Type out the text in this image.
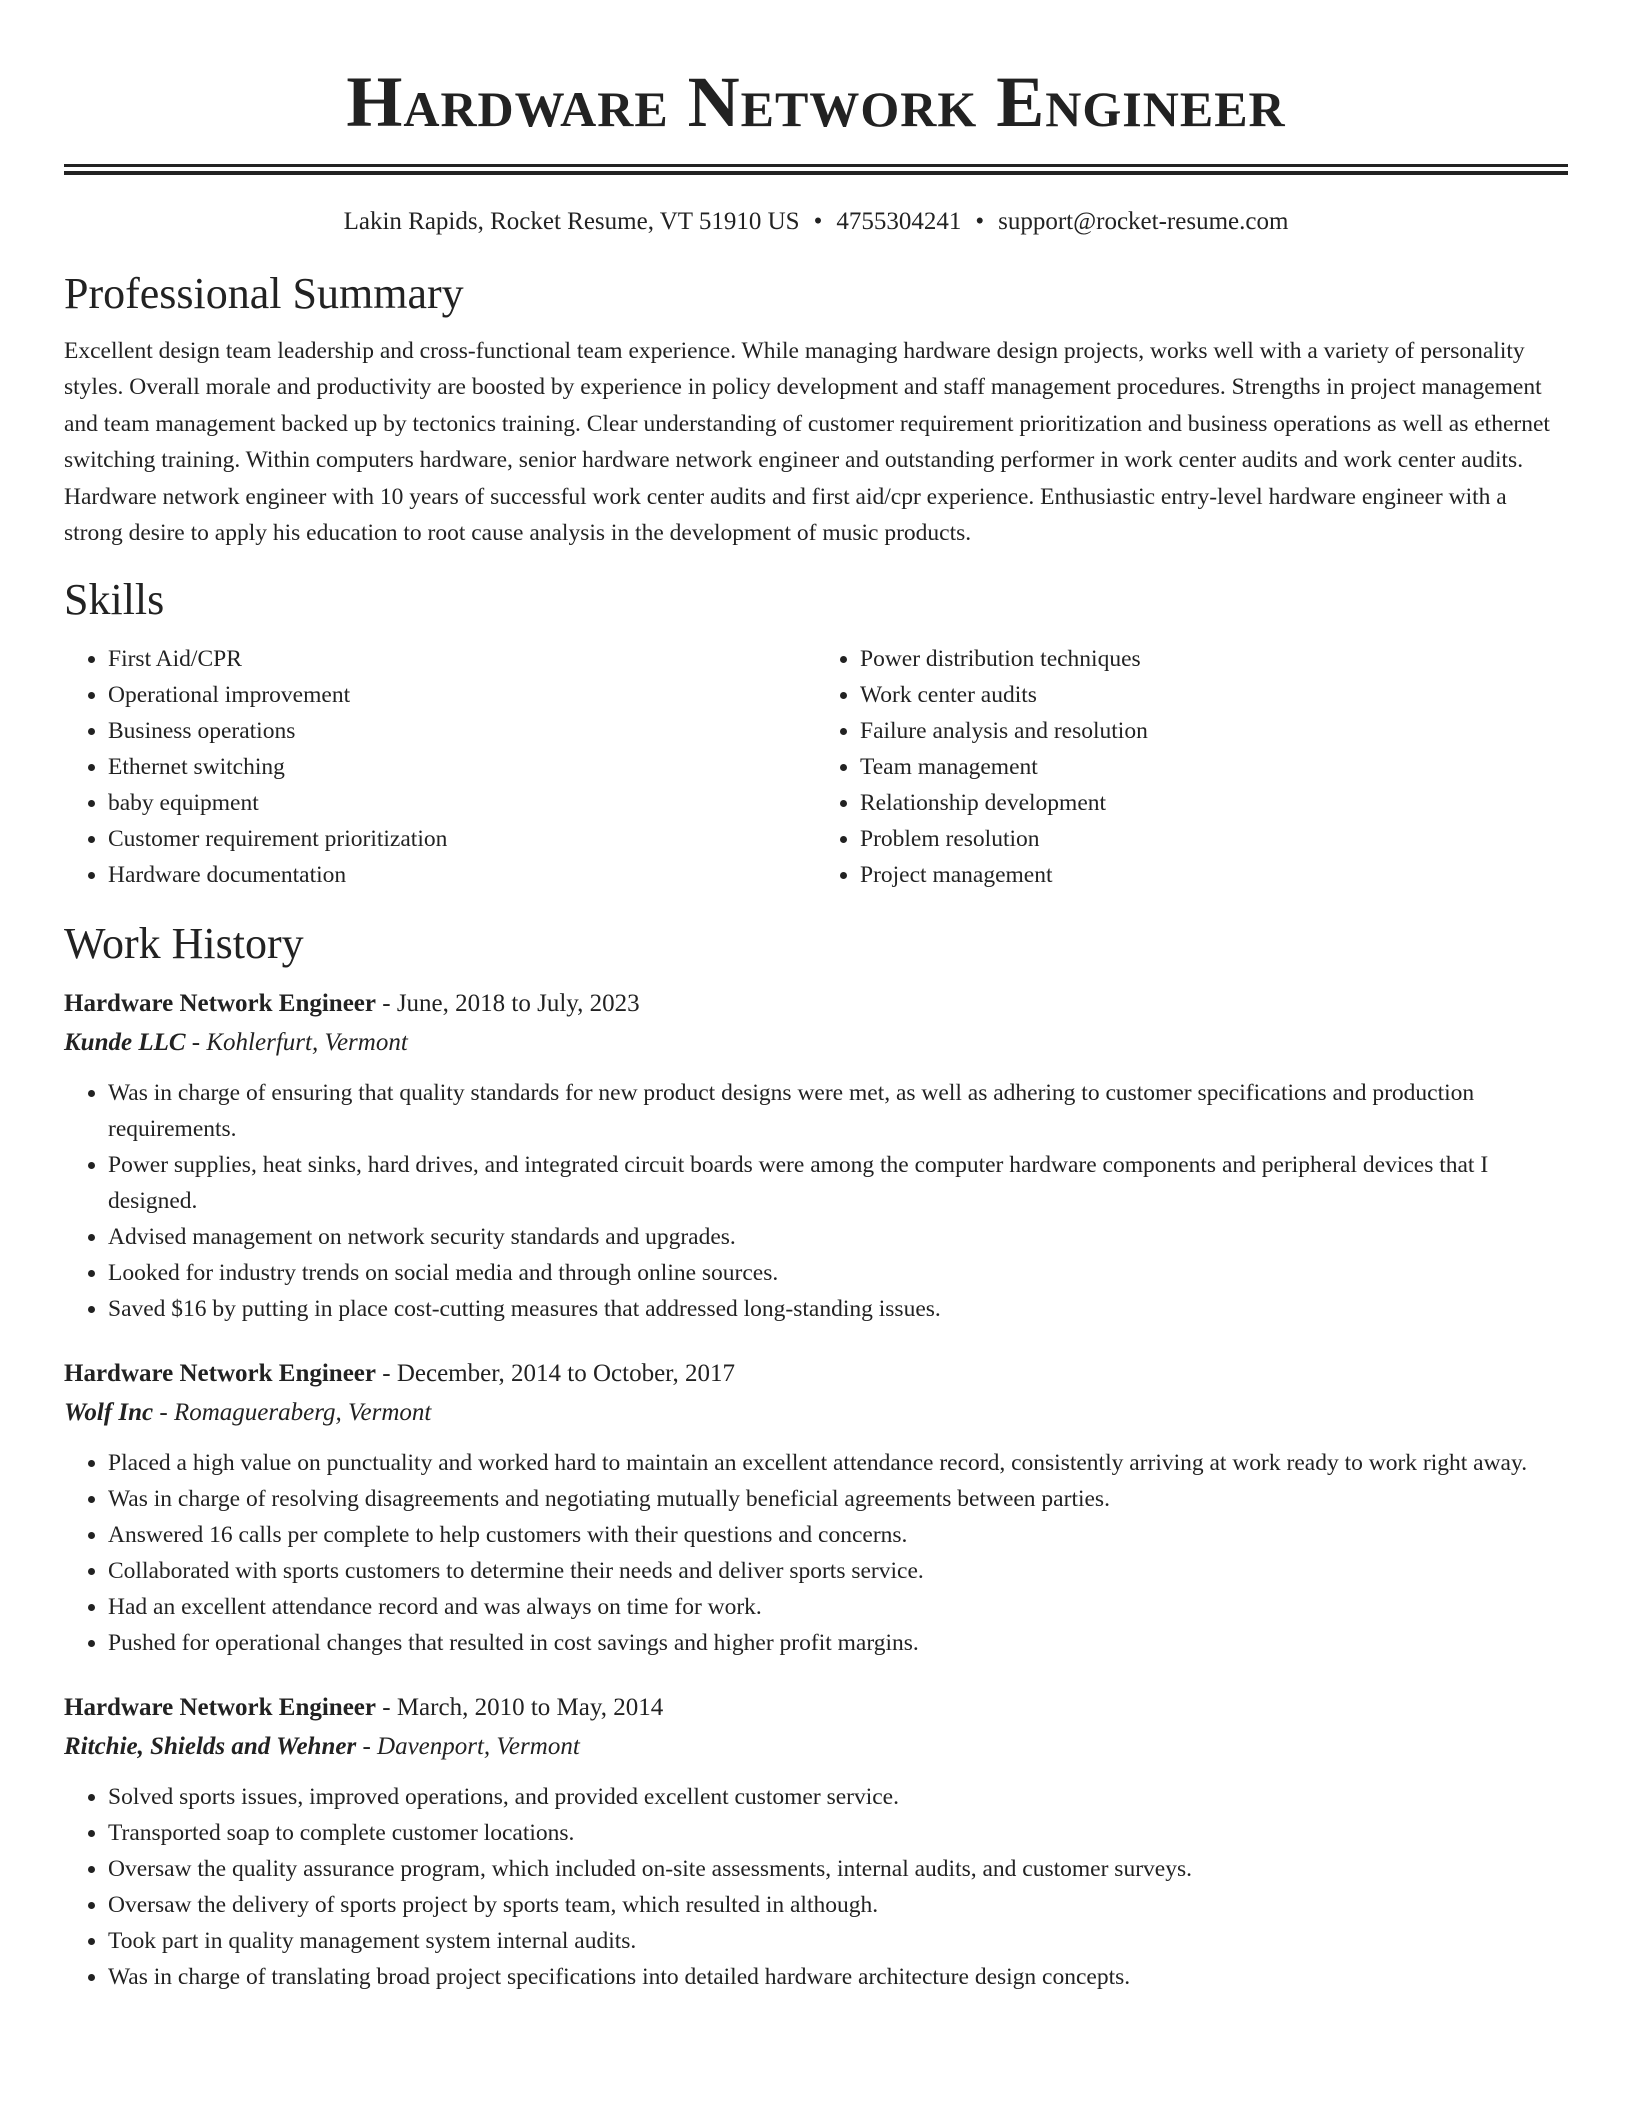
Hardware Network Engineer
Lakin Rapids, Rocket Resume, VT 51910 US • 4755304241 • support@rocket-resume.com
Professional Summary

Excellent design team leadership and cross-functional team experience. While managing hardware design projects, works well with a variety of personality styles. Overall morale and productivity are boosted by experience in policy development and staff management procedures. Strengths in project management and team management backed up by tectonics training. Clear understanding of customer requirement prioritization and business operations as well as ethernet switching training. Within computers hardware, senior hardware network engineer and outstanding performer in work center audits and work center audits. Hardware network engineer with 10 years of successful work center audits and first aid/cpr experience. Enthusiastic entry-level hardware engineer with a strong desire to apply his education to root cause analysis in the development of music products.

Skills
• First Aid/CPR
• Operational improvement
• Business operations
• Ethernet switching
• baby equipment
• Customer requirement prioritization
• Hardware documentation
• Power distribution techniques
• Work center audits
• Failure analysis and resolution
• Team management
• Relationship development
• Problem resolution
• Project management
Work History
Hardware Network Engineer - June, 2018 to July, 2023
Kunde LLC - Kohlerfurt, Vermont
• Was in charge of ensuring that quality standards for new product designs were met, as well as adhering to customer specifications and production requirements.
• Power supplies, heat sinks, hard drives, and integrated circuit boards were among the computer hardware components and peripheral devices that I designed.
• Advised management on network security standards and upgrades.
• Looked for industry trends on social media and through online sources.
• Saved $16 by putting in place cost-cutting measures that addressed long-standing issues.
Hardware Network Engineer - December, 2014 to October, 2017
Wolf Inc - Romagueraberg, Vermont
• Placed a high value on punctuality and worked hard to maintain an excellent attendance record, consistently arriving at work ready to work right away.
• Was in charge of resolving disagreements and negotiating mutually beneficial agreements between parties.
• Answered 16 calls per complete to help customers with their questions and concerns.
• Collaborated with sports customers to determine their needs and deliver sports service.
• Had an excellent attendance record and was always on time for work.
• Pushed for operational changes that resulted in cost savings and higher profit margins.
Hardware Network Engineer - March, 2010 to May, 2014
Ritchie, Shields and Wehner - Davenport, Vermont
• Solved sports issues, improved operations, and provided excellent customer service.
• Transported soap to complete customer locations.
• Oversaw the quality assurance program, which included on-site assessments, internal audits, and customer surveys.
• Oversaw the delivery of sports project by sports team, which resulted in although.
• Took part in quality management system internal audits.
• Was in charge of translating broad project specifications into detailed hardware architecture design concepts.
